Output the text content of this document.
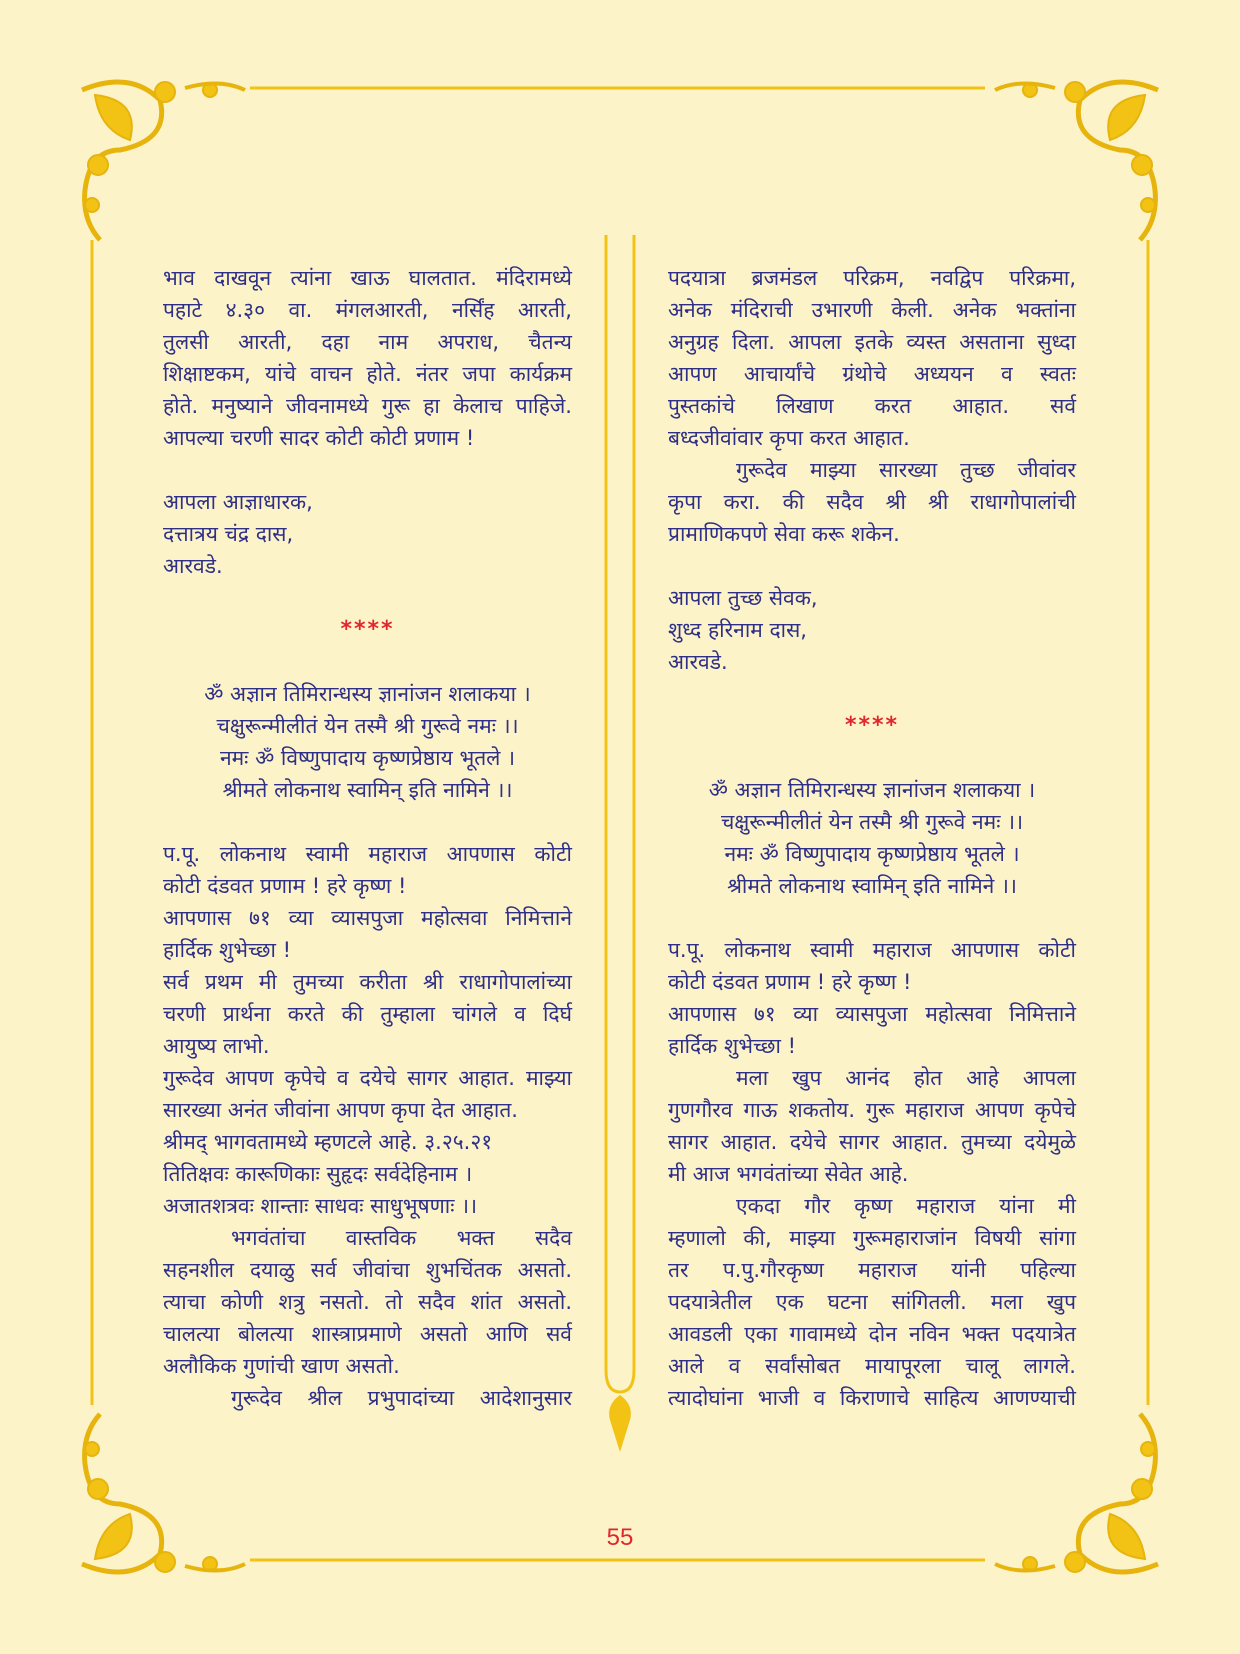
भाव दाखवून त्यांना खाऊ घालतात. मंदिरामध्ये
पहाटे ४.३० वा. मंगलआरती, नर्सिंह आरती,
तुलसी आरती, दहा नाम अपराध, चैतन्य
शिक्षाष्टकम, यांचे वाचन होते. नंतर जपा कार्यक्रम
होते. मनुष्याने जीवनामध्ये गुरू हा केलाच पाहिजे.
आपल्या चरणी सादर कोटी कोटी प्रणाम !
आपला आज्ञाधारक,
दत्तात्रय चंद्र दास,
आरवडे.
****
ॐ अज्ञान तिमिरान्धस्य ज्ञानांजन शलाकया ।
चक्षुरून्मीलीतं येन तस्मै श्री गुरूवे नमः ।।
नमः ॐ विष्णुपादाय कृष्णप्रेष्ठाय भूतले ।
श्रीमते लोकनाथ स्वामिन् इति नामिने ।।
प.पू. लोकनाथ स्वामी महाराज आपणास कोटी
कोटी दंडवत प्रणाम ! हरे कृष्ण !
आपणास ७१ व्या व्यासपुजा महोत्सवा निमित्ताने
हार्दिक शुभेच्छा !
सर्व प्रथम मी तुमच्या करीता श्री राधागोपालांच्या
चरणी प्रार्थना करते की तुम्हाला चांगले व दिर्घ
आयुष्य लाभो.
गुरूदेव आपण कृपेचे व दयेचे सागर आहात. माझ्या
सारख्या अनंत जीवांना आपण कृपा देत आहात.
श्रीमद् भागवतामध्ये म्हणटले आहे. ३.२५.२१
तितिक्षवः कारूणिकाः सुहृदः सर्वदेहिनाम ।
अजातशत्रवः शान्ताः साधवः साधुभूषणाः ।।
भगवंतांचा वास्तविक भक्त सदैव
सहनशील दयाळु सर्व जीवांचा शुभचिंतक असतो.
त्याचा कोणी शत्रु नसतो. तो सदैव शांत असतो.
चालत्या बोलत्या शास्त्राप्रमाणे असतो आणि सर्व
अलौकिक गुणांची खाण असतो.
गुरूदेव श्रील प्रभुपादांच्या आदेशानुसार
पदयात्रा ब्रजमंडल परिक्रम, नवद्विप परिक्रमा,
अनेक मंदिराची उभारणी केली. अनेक भक्तांना
अनुग्रह दिला. आपला इतके व्यस्त असताना सुध्दा
आपण आचार्यांचे ग्रंथोचे अध्ययन व स्वतः
पुस्तकांचे लिखाण करत आहात. सर्व
बध्दजीवांवार कृपा करत आहात.
गुरूदेव माझ्या सारख्या तुच्छ जीवांवर
कृपा करा. की सदैव श्री श्री राधागोपालांची
प्रामाणिकपणे सेवा करू शकेन.
आपला तुच्छ सेवक,
शुध्द हरिनाम दास,
आरवडे.
****
ॐ अज्ञान तिमिरान्धस्य ज्ञानांजन शलाकया ।
चक्षुरून्मीलीतं येन तस्मै श्री गुरूवे नमः ।।
नमः ॐ विष्णुपादाय कृष्णप्रेष्ठाय भूतले ।
श्रीमते लोकनाथ स्वामिन् इति नामिने ।।
प.पू. लोकनाथ स्वामी महाराज आपणास कोटी
कोटी दंडवत प्रणाम ! हरे कृष्ण !
आपणास ७१ व्या व्यासपुजा महोत्सवा निमित्ताने
हार्दिक शुभेच्छा !
मला खुप आनंद होत आहे आपला
गुणगौरव गाऊ शकतोय. गुरू महाराज आपण कृपेचे
सागर आहात. दयेचे सागर आहात. तुमच्या दयेमुळे
मी आज भगवंतांच्या सेवेत आहे.
एकदा गौर कृष्ण महाराज यांना मी
म्हणालो की, माझ्या गुरूमहाराजांन विषयी सांगा
तर प.पु.गौरकृष्ण महाराज यांनी पहिल्या
पदयात्रेतील एक घटना सांगितली. मला खुप
आवडली एका गावामध्ये दोन नविन भक्त पदयात्रेत
आले व सर्वांसोबत मायापूरला चालू लागले.
त्यादोघांना भाजी व किराणाचे साहित्य आणण्याची
55
